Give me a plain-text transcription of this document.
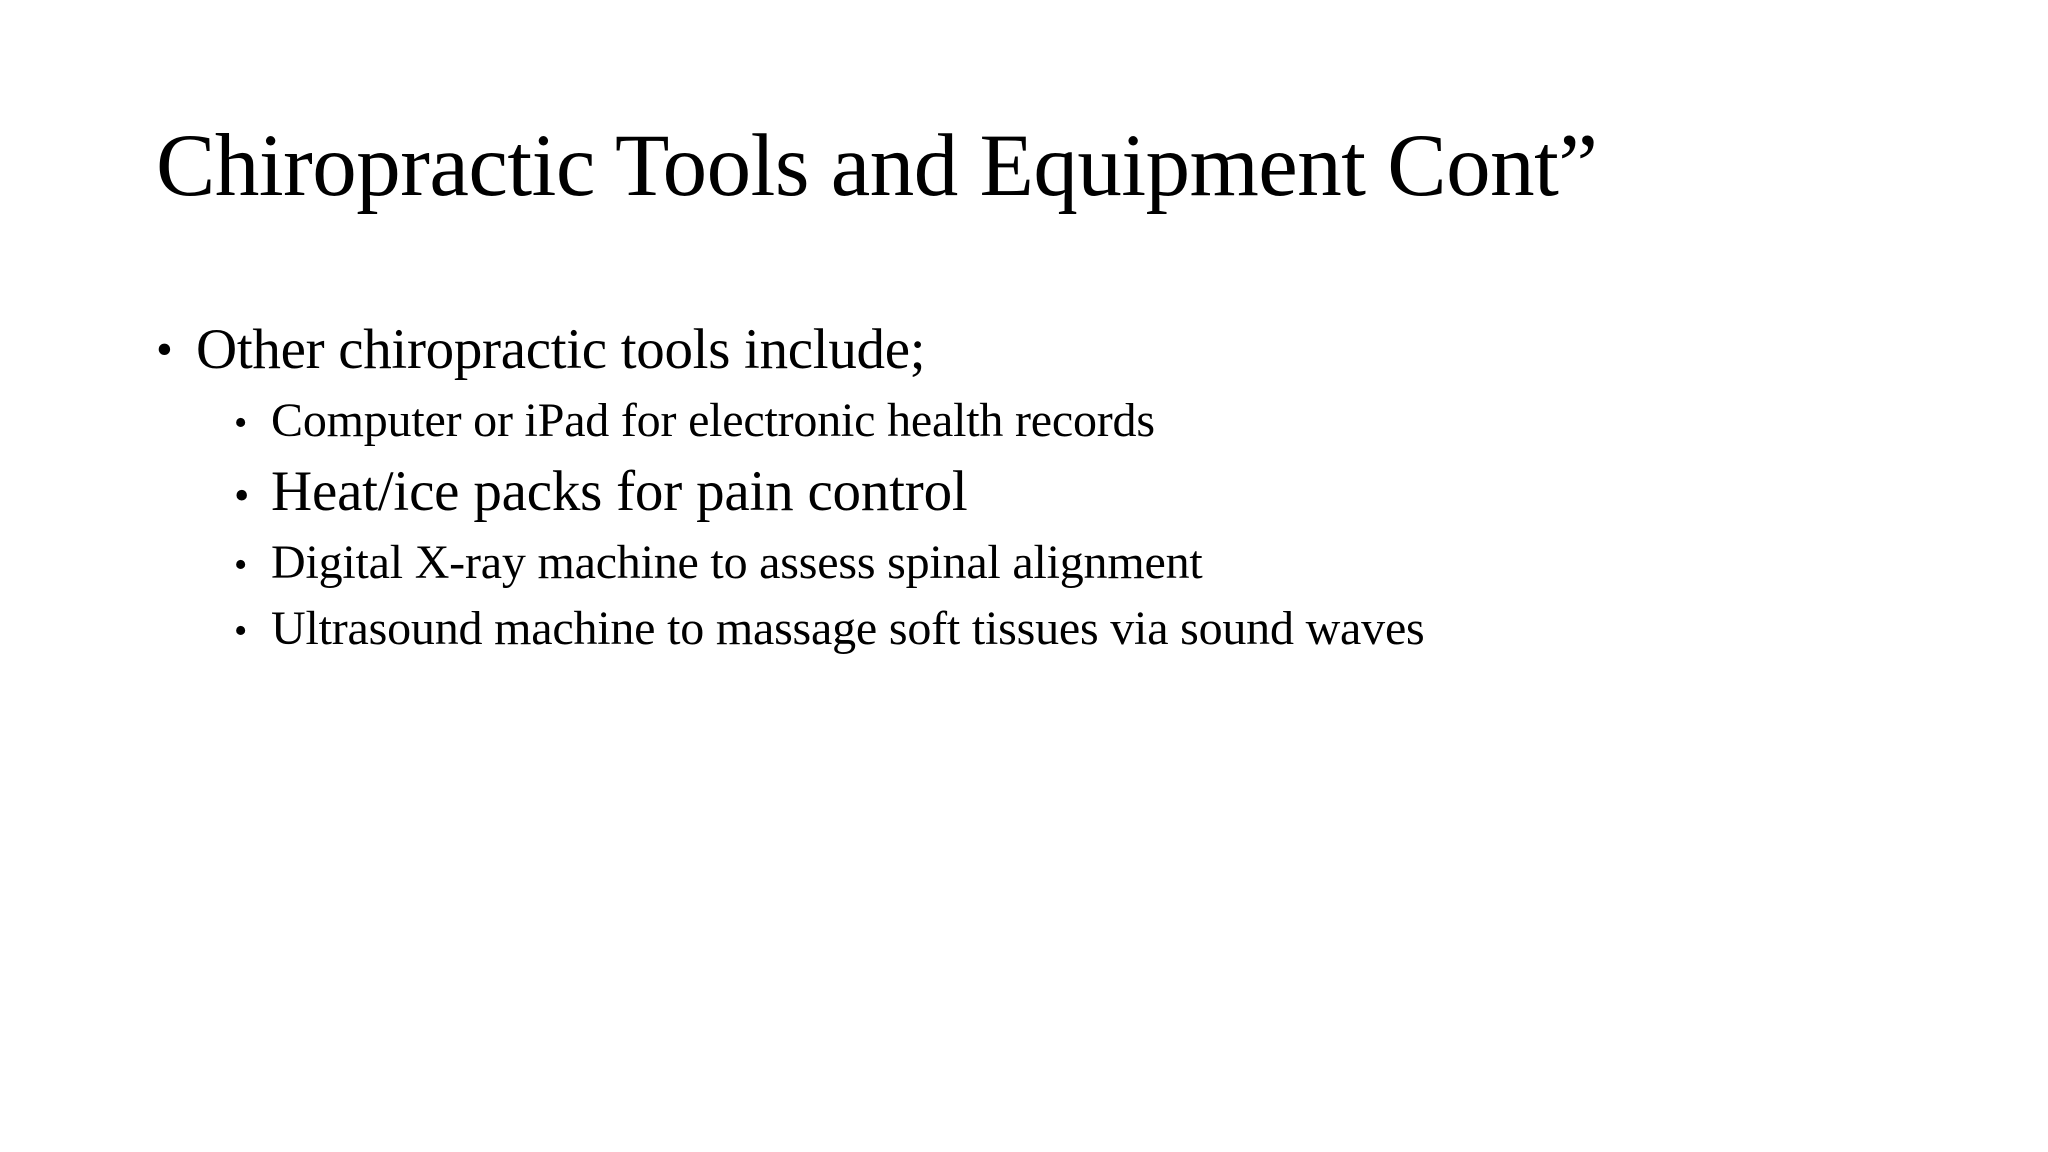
Chiropractic Tools and Equipment Cont”
• Other chiropractic tools include;
• Computer or iPad for electronic health records
• Heat/ice packs for pain control
• Digital X-ray machine to assess spinal alignment
• Ultrasound machine to massage soft tissues via sound waves
